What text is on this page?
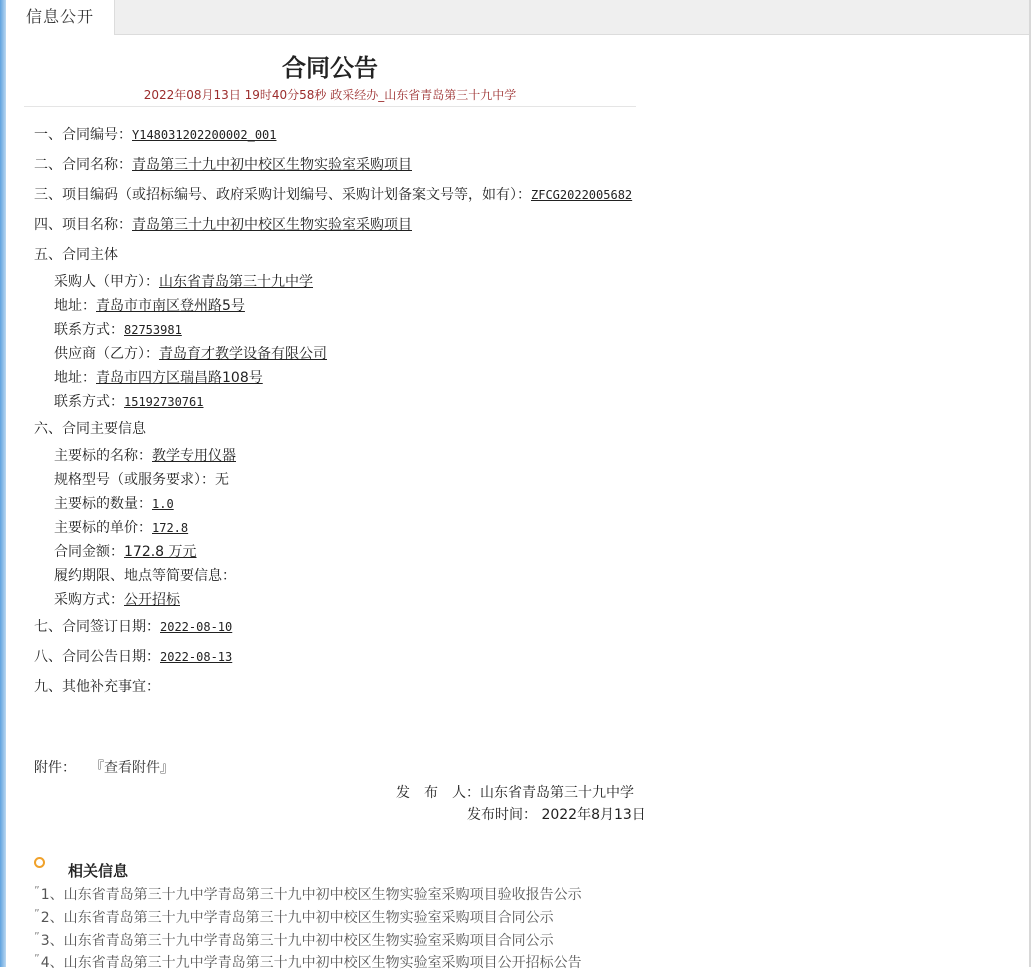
信息公开
合同公告
2022年08月13日 19时40分58秒 政采经办_山东省青岛第三十九中学
一、合同编号：Y148031202200002_001
二、合同名称：青岛第三十九中初中校区生物实验室采购项目
三、项目编码（或招标编号、政府采购计划编号、采购计划备案文号等，如有）：ZFCG2022005682
四、项目名称：青岛第三十九中初中校区生物实验室采购项目
五、合同主体
采购人（甲方）：山东省青岛第三十九中学
地址：青岛市市南区登州路5号
联系方式：82753981
供应商（乙方）：青岛育才教学设备有限公司
地址：青岛市四方区瑞昌路108号
联系方式：15192730761
六、合同主要信息
主要标的名称：教学专用仪器
规格型号（或服务要求）：无
主要标的数量：1.0
主要标的单价：172.8
合同金额：172.8 万元
履约期限、地点等简要信息：
采购方式：公开招标
七、合同签订日期：2022-08-10
八、合同公告日期：2022-08-13
九、其他补充事宜：
附件： 『查看附件』
发　布　人：山东省青岛第三十九中学
发布时间： 2022年8月13日
相关信息
”1、山东省青岛第三十九中学青岛第三十九中初中校区生物实验室采购项目验收报告公示
”2、山东省青岛第三十九中学青岛第三十九中初中校区生物实验室采购项目合同公示
”3、山东省青岛第三十九中学青岛第三十九中初中校区生物实验室采购项目合同公示
”4、山东省青岛第三十九中学青岛第三十九中初中校区生物实验室采购项目公开招标公告
